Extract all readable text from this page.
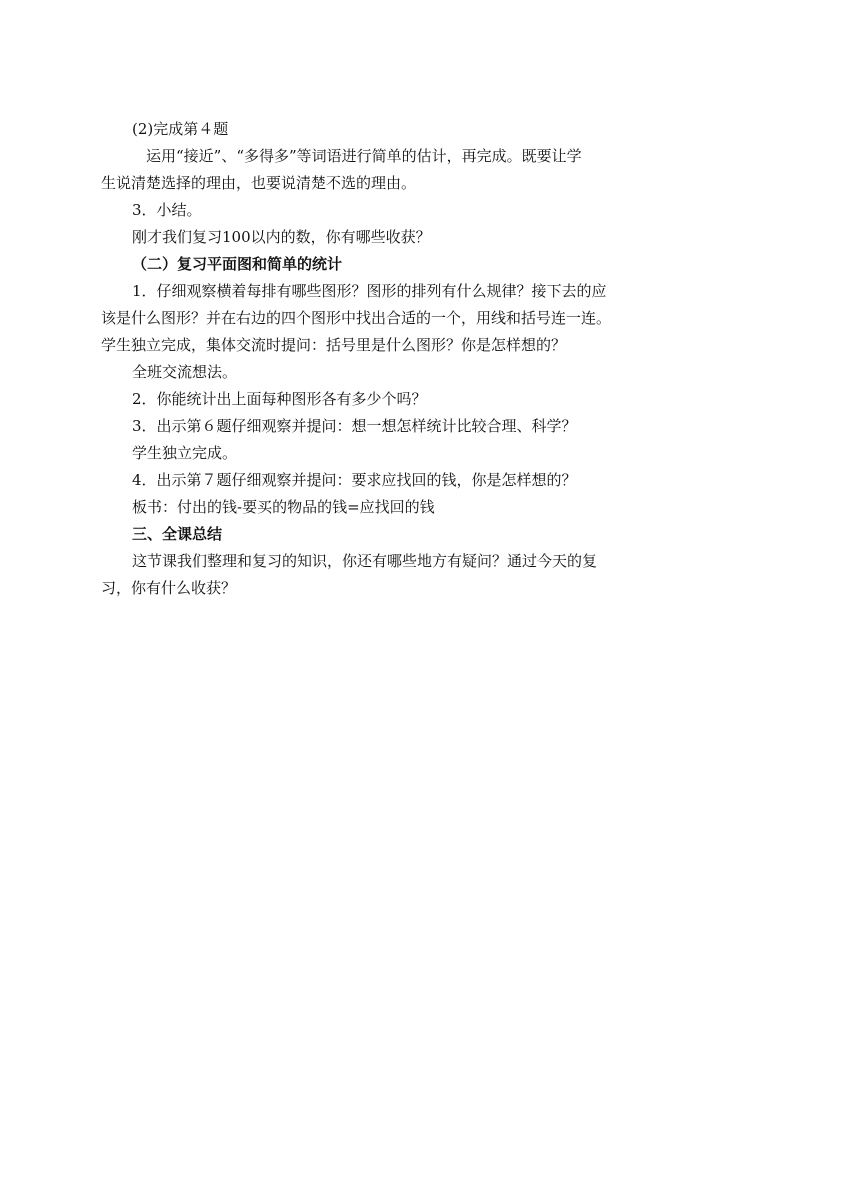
(2)完成第４题
运用“接近”、“多得多”等词语进行简单的估计，再完成。既要让学
生说清楚选择的理由，也要说清楚不选的理由。
3．小结。
刚才我们复习100以内的数，你有哪些收获？
（二）复习平面图和简单的统计
1．仔细观察横着每排有哪些图形？图形的排列有什么规律？接下去的应
该是什么图形？并在右边的四个图形中找出合适的一个，用线和括号连一连。
学生独立完成，集体交流时提问：括号里是什么图形？你是怎样想的？
全班交流想法。
2．你能统计出上面每种图形各有多少个吗？
3．出示第６题仔细观察并提问：想一想怎样统计比较合理、科学？
学生独立完成。
4．出示第７题仔细观察并提问：要求应找回的钱，你是怎样想的？
板书：付出的钱-要买的物品的钱=应找回的钱
三、全课总结
这节课我们整理和复习的知识，你还有哪些地方有疑问？通过今天的复
习，你有什么收获？
